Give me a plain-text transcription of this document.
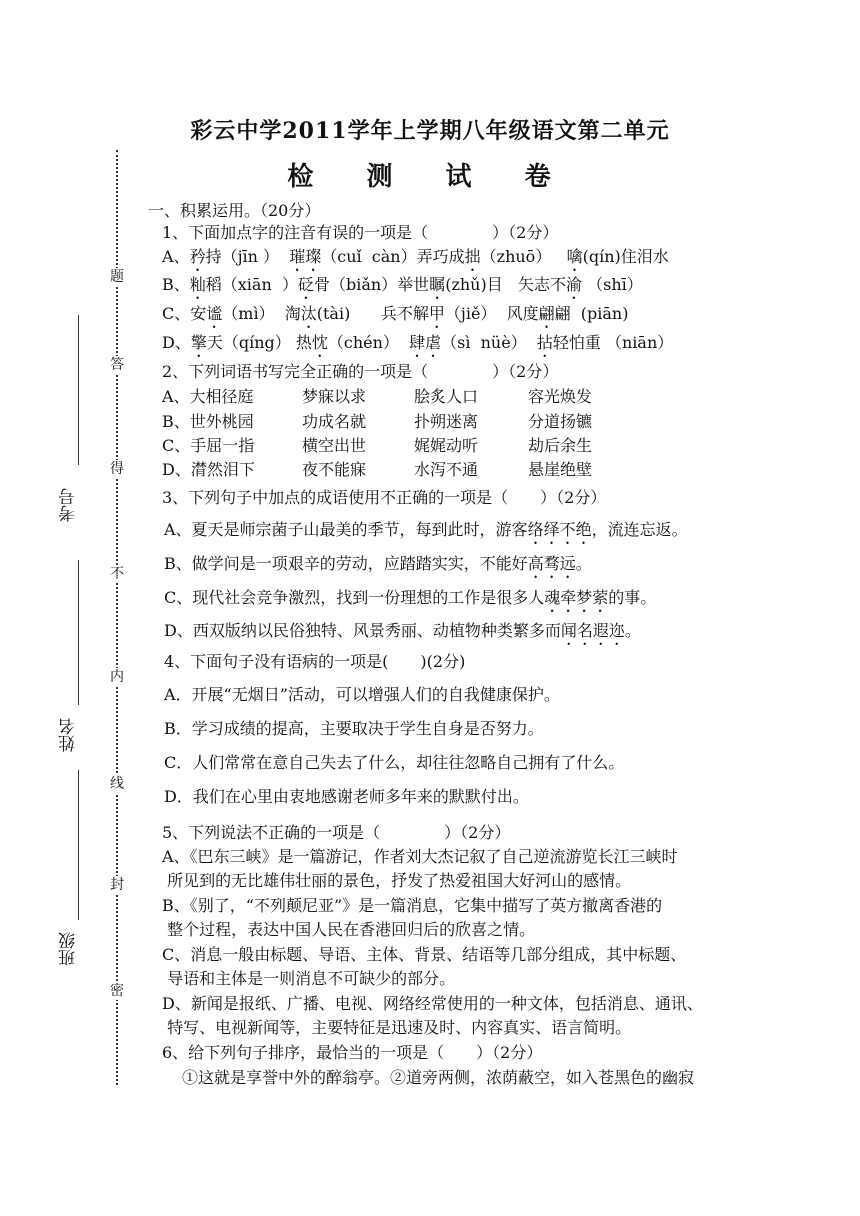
题
答
得
不
内
线
封
密
考号
姓名
班级
彩云中学2011学年上学期八年级语文第二单元
检 测 试 卷
一、积累运用。（20分）
1、下面加点字的注音有误的一项是（　　　　）（2分）
A、矜持（jīn ）  璀璨（cuǐ  càn）弄巧成拙（zhuō）   噙(qín)住泪水
B、籼稻（xiān  ）砭骨（biǎn）举世瞩(zhǔ)目   矢志不渝 （shī）
C、安谧（mì）  淘汰(tài)      兵不解甲（jiě）  风度翩翩  (piān)
D、擎天（qíng） 热忱（chén）  肆虐（sì  nüè）  拈轻怕重 （niān）
2、下列词语书写完全正确的一项是（　　　　）（2分）
A、大相径庭	梦寐以求	脍炙人口	容光焕发
B、世外桃园	功成名就	扑朔迷离	分道扬镳
C、手屈一指	横空出世	娓娓动听	劫后余生
D、潸然泪下	夜不能寐	水泻不通	悬崖绝壁
3、下列句子中加点的成语使用不正确的一项是（　　）（2分）
A、夏天是师宗菌子山最美的季节，每到此时，游客络绎不绝，流连忘返。
B、做学问是一项艰辛的劳动，应踏踏实实，不能好高骛远。
C、现代社会竞争激烈，找到一份理想的工作是很多人魂牵梦萦的事。
D、西双版纳以民俗独特、风景秀丽、动植物种类繁多而闻名遐迩。
4、下面句子没有语病的一项是(　　)(2分)
A．开展“无烟日”活动，可以增强人们的自我健康保护。
B．学习成绩的提高，主要取决于学生自身是否努力。
C．人们常常在意自己失去了什么，却往往忽略自己拥有了什么。
D．我们在心里由衷地感谢老师多年来的默默付出。
5、下列说法不正确的一项是（　　　　）（2分）
A、《巴东三峡》是一篇游记，作者刘大杰记叙了自己逆流游览长江三峡时
所见到的无比雄伟壮丽的景色，抒发了热爱祖国大好河山的感情。
B、《别了，“不列颠尼亚”》是一篇消息，它集中描写了英方撤离香港的
整个过程，表达中国人民在香港回归后的欣喜之情。
C、消息一般由标题、导语、主体、背景、结语等几部分组成，其中标题、
导语和主体是一则消息不可缺少的部分。
D、新闻是报纸、广播、电视、网络经常使用的一种文体，包括消息、通讯、
特写、电视新闻等，主要特征是迅速及时、内容真实、语言简明。
6、给下列句子排序，最恰当的一项是（　　）（2分）
①这就是享誉中外的醉翁亭。②道旁两侧，浓荫蔽空，如入苍黑色的幽寂
